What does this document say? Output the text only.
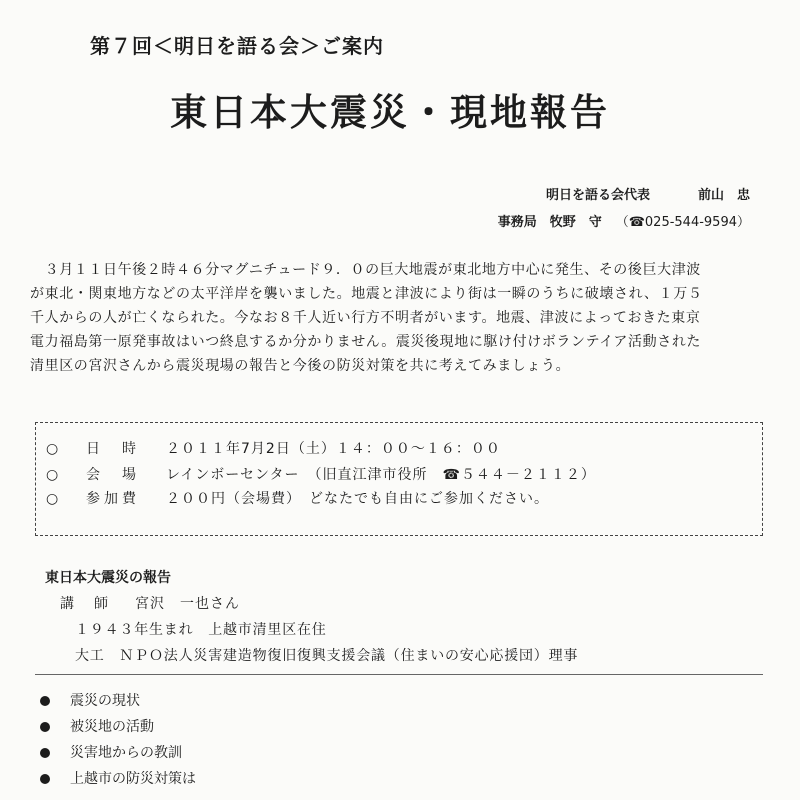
第７回＜明日を語る会＞ご案内
東日本大震災・現地報告
明日を語る会代表	前山　忠
事務局　牧野　守 （☎025-544-9594）

　３月１１日午後２時４６分マグニチュード９．０の巨大地震が東北地方中心に発生、その後巨大津波

が東北・関東地方などの太平洋岸を襲いました。地震と津波により街は一瞬のうちに破壊され、１万５

千人からの人が亡くなられた。今なお８千人近い行方不明者がいます。地震、津波によっておきた東京

電力福島第一原発事故はいつ終息するか分かりません。震災後現地に駆け付けボランテイア活動された

清里区の宮沢さんから震災現場の報告と今後の防災対策を共に考えてみましょう。

○	日　時	２０１１年7月2日（土）１４：００～１６：００
○	会　場	レインボーセンター　（旧直江津市役所　☎５４４－２１１２）
○	参加費	２００円（会場費）　どなたでも自由にご参加ください。
東日本大震災の報告
講　師 宮沢　一也さん
１９４３年生まれ　上越市清里区在住
大工　ＮＰＯ法人災害建造物復旧復興支援会議（住まいの安心応援団）理事
震災の現状
被災地の活動
災害地からの教訓
上越市の防災対策は
